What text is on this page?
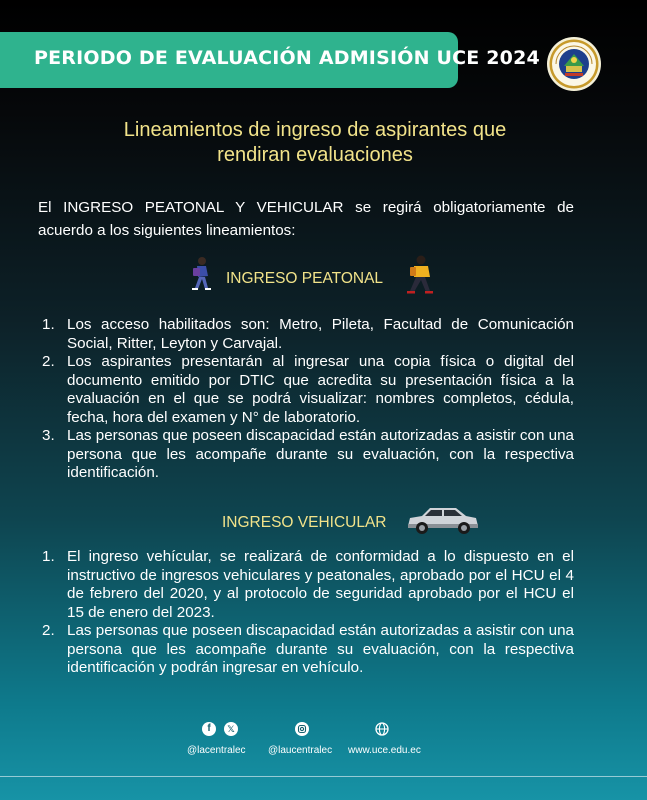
PERIODO DE EVALUACIÓN ADMISIÓN UCE 2024
Lineamientos de ingreso de aspirantes que
rendiran evaluaciones
El INGRESO PEATONAL Y VEHICULAR se regirá obligatoriamente de acuerdo a los siguientes lineamientos:
INGRESO PEATONAL
1. Los acceso habilitados son: Metro, Pileta, Facultad de Comunicación Social, Ritter, Leyton y Carvajal.
2. Los aspirantes presentarán al ingresar una copia física o digital del documento emitido por DTIC que acredita su presentación física a la evaluación en el que se podrá visualizar: nombres completos, cédula, fecha, hora del examen y N° de laboratorio.
3. Las personas que poseen discapacidad están autorizadas a asistir con una persona que les acompañe durante su evaluación, con la respectiva identificación.
INGRESO VEHICULAR
1. El ingreso vehícular, se realizará de conformidad a lo dispuesto en el instructivo de ingresos vehiculares y peatonales, aprobado por el HCU el 4 de febrero del 2020, y al protocolo de seguridad aprobado por el HCU el 15 de enero del 2023.
2. Las personas que poseen discapacidad están autorizadas a asistir con una persona que les acompañe durante su evaluación, con la respectiva identificación y podrán ingresar en vehículo.
f	𝕏
@lacentralec @laucentralec www.uce.edu.ec
